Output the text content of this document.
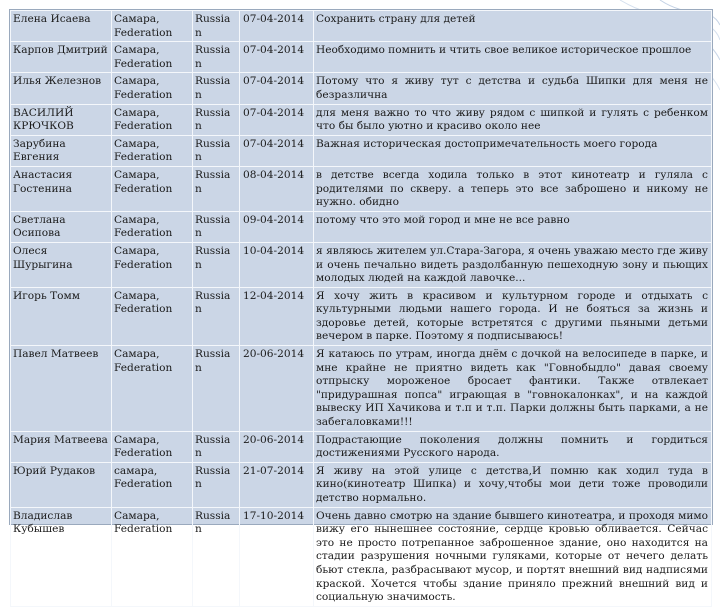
Елена Исаева	Самара, Federation	Russian	07-04-2014	Сохранить страну для детей
Карпов Дмитрий	Самара, Federation	Russian	07-04-2014	Необходимо помнить и чтить свое великое историческое прошлое
Илья Железнов	Самара, Federation	Russian	07-04-2014	Потому что я живу тут с детства и судьба Шипки для меня не безразлична
ВАСИЛИЙ КРЮЧКОВ	Самара, Federation	Russian	07-04-2014	для меня важно то что живу рядом с шипкой и гулять с ребенком что бы было уютно и красиво около нее
Зарубина Евгения	Самара, Federation	Russian	07-04-2014	Важная историческая достопримечательность моего города
Анастасия Гостенина	Самара, Federation	Russian	08-04-2014	в детстве всегда ходила только в этот кинотеатр и гуляла с родителями по скверу. а теперь это все заброшено и никому не нужно. обидно
Светлана Осипова	Самара, Federation	Russian	09-04-2014	потому что это мой город и мне не все равно
Олеся Шурыгина	Самара, Federation	Russian	10-04-2014	я являюсь жителем ул.Стара-Загора, я очень уважаю место где живу и очень печально видеть раздолбанную пешеходную зону и пьющих молодых людей на каждой лавочке...
Игорь Томм	Самара, Federation	Russian	12-04-2014	Я хочу жить в красивом и культурном городе и отдыхать с культурными людьми нашего города. И не бояться за жизнь и здоровье детей, которые встретятся с другими пьяными детьми вечером в парке. Поэтому я подписываюсь!
Павел Матвеев	Самара, Federation	Russian	20-06-2014	Я катаюсь по утрам, иногда днём с дочкой на велосипеде в парке, и мне крайне не приятно видеть как "Говнобыдло" давая своему отпрыску мороженое бросает фантики. Также отвлекает "придурашная попса" играющая в "говнокалонках", и на каждой вывеску ИП Хачикова и т.п и т.п. Парки должны быть парками, а не забегаловками!!!
Мария Матвеева	Самара, Federation	Russian	20-06-2014	Подрастающие поколения должны помнить и гордиться достижениями Русского народа.
Юрий Рудаков	самара, Federation	Russian	21-07-2014	Я живу на этой улице с детства,И помню как ходил туда в кино(кинотеатр Шипка) и хочу,чтобы мои дети тоже проводили детство нормально.
Владислав Кубышев	Самара, Federation	Russian	17-10-2014	Очень давно смотрю на здание бывшего кинотеатра, и проходя мимо вижу его нынешнее состояние, сердце кровью обливается. Сейчас это не просто потрепанное заброшенное здание, оно находится на стадии разрушения ночными гуляками, которые от нечего делать бьют стекла, разбрасывают мусор, и портят внешний вид надписями краской. Хочется чтобы здание приняло прежний внешний вид и социальную значимость.
